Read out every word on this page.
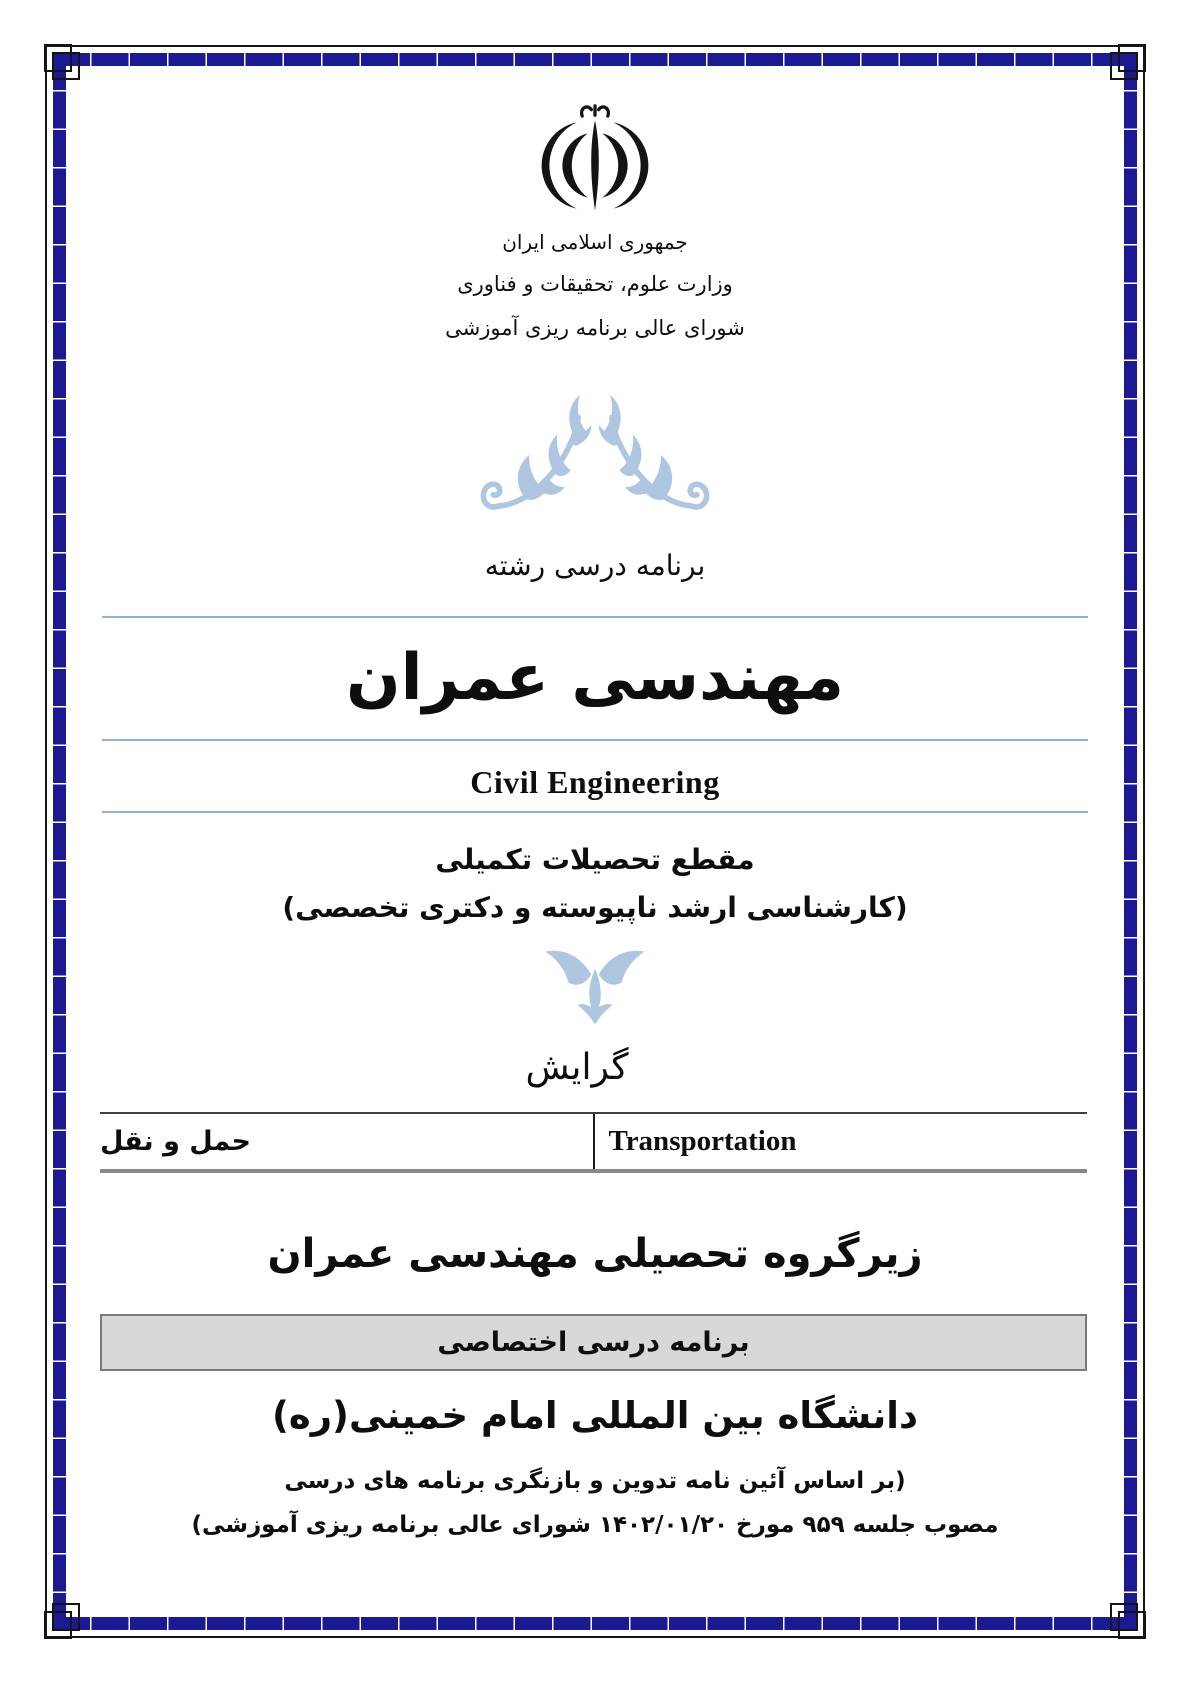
جمهوری اسلامی ایران
وزارت علوم، تحقیقات و فناوری
شورای عالی برنامه ریزی آموزشی
برنامه درسی رشته
مهندسی عمران
Civil Engineering
مقطع تحصیلات تکمیلی
(کارشناسی ارشد ناپیوسته و دکتری تخصصی)
گرایش
حمل و نقل	Transportation
زیرگروه تحصیلی مهندسی عمران
برنامه درسی اختصاصی
دانشگاه بین المللی امام خمینی(ره)
(بر اساس آئین نامه تدوین و بازنگری برنامه های درسی
مصوب جلسه ۹۵۹ مورخ ۱۴۰۲/۰۱/۲۰ شورای عالی برنامه ریزی آموزشی)
